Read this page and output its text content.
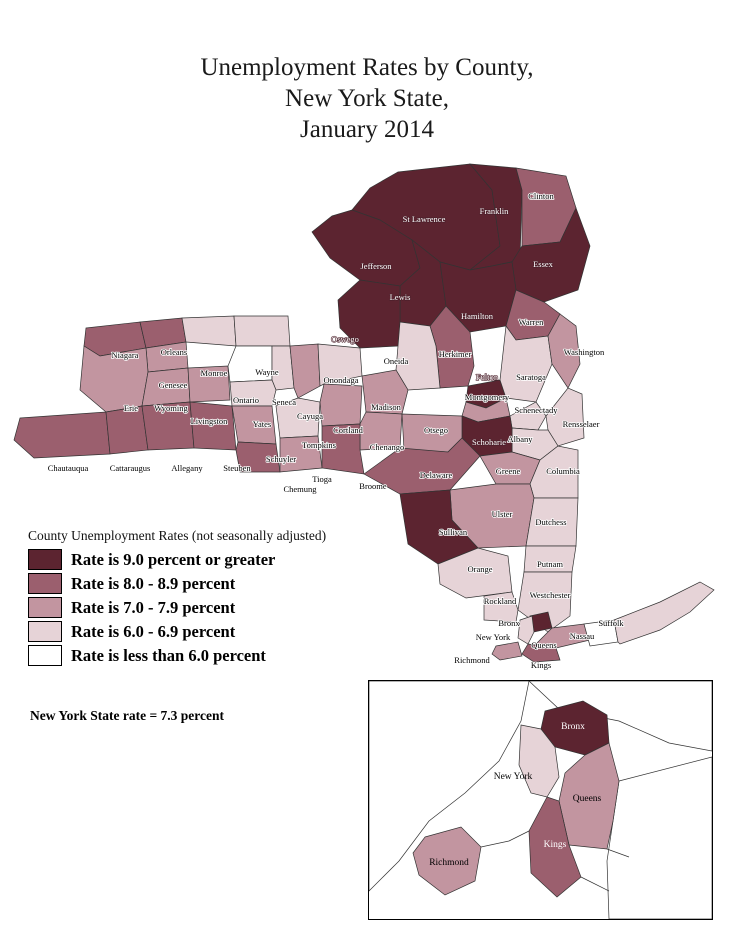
Unemployment Rates by County,
New York State,
January 2014
St Lawrence
Franklin
Clinton
Essex
Jefferson
Lewis
Hamilton
Warren
Oswego
Herkimer
Oneida
Washington
Fulton Saratoga
Montgomery
Schenectady
Rensselaer
Albany
Schoharie
Niagara	Orleans
Monroe	Wayne
Genesee
Erie Wyoming
Livingston
Ontario
Yates
Seneca
Cayuga
Onondaga
Madison
Chautauqua	Cattaraugus Allegany Steuben
Schuyler
Chemung
Tompkins
Tioga
Cortland
Chenango
Broome
Otsego
Delaware
Sullivan
Ulster
Greene	Columbia
Dutchess
Putnam
Westchester
Rockland
Orange
Bronx
New York
Queens
Kings
Richmond
Nassau
Suffolk
County Unemployment Rates (not seasonally adjusted)
Rate is 9.0 percent or greater
Rate is 8.0 - 8.9 percent
Rate is 7.0 - 7.9 percent
Rate is 6.0 - 6.9 percent
Rate is less than 6.0 percent
New York State rate = 7.3 percent
Bronx
New York
Queens
Kings
Richmond
